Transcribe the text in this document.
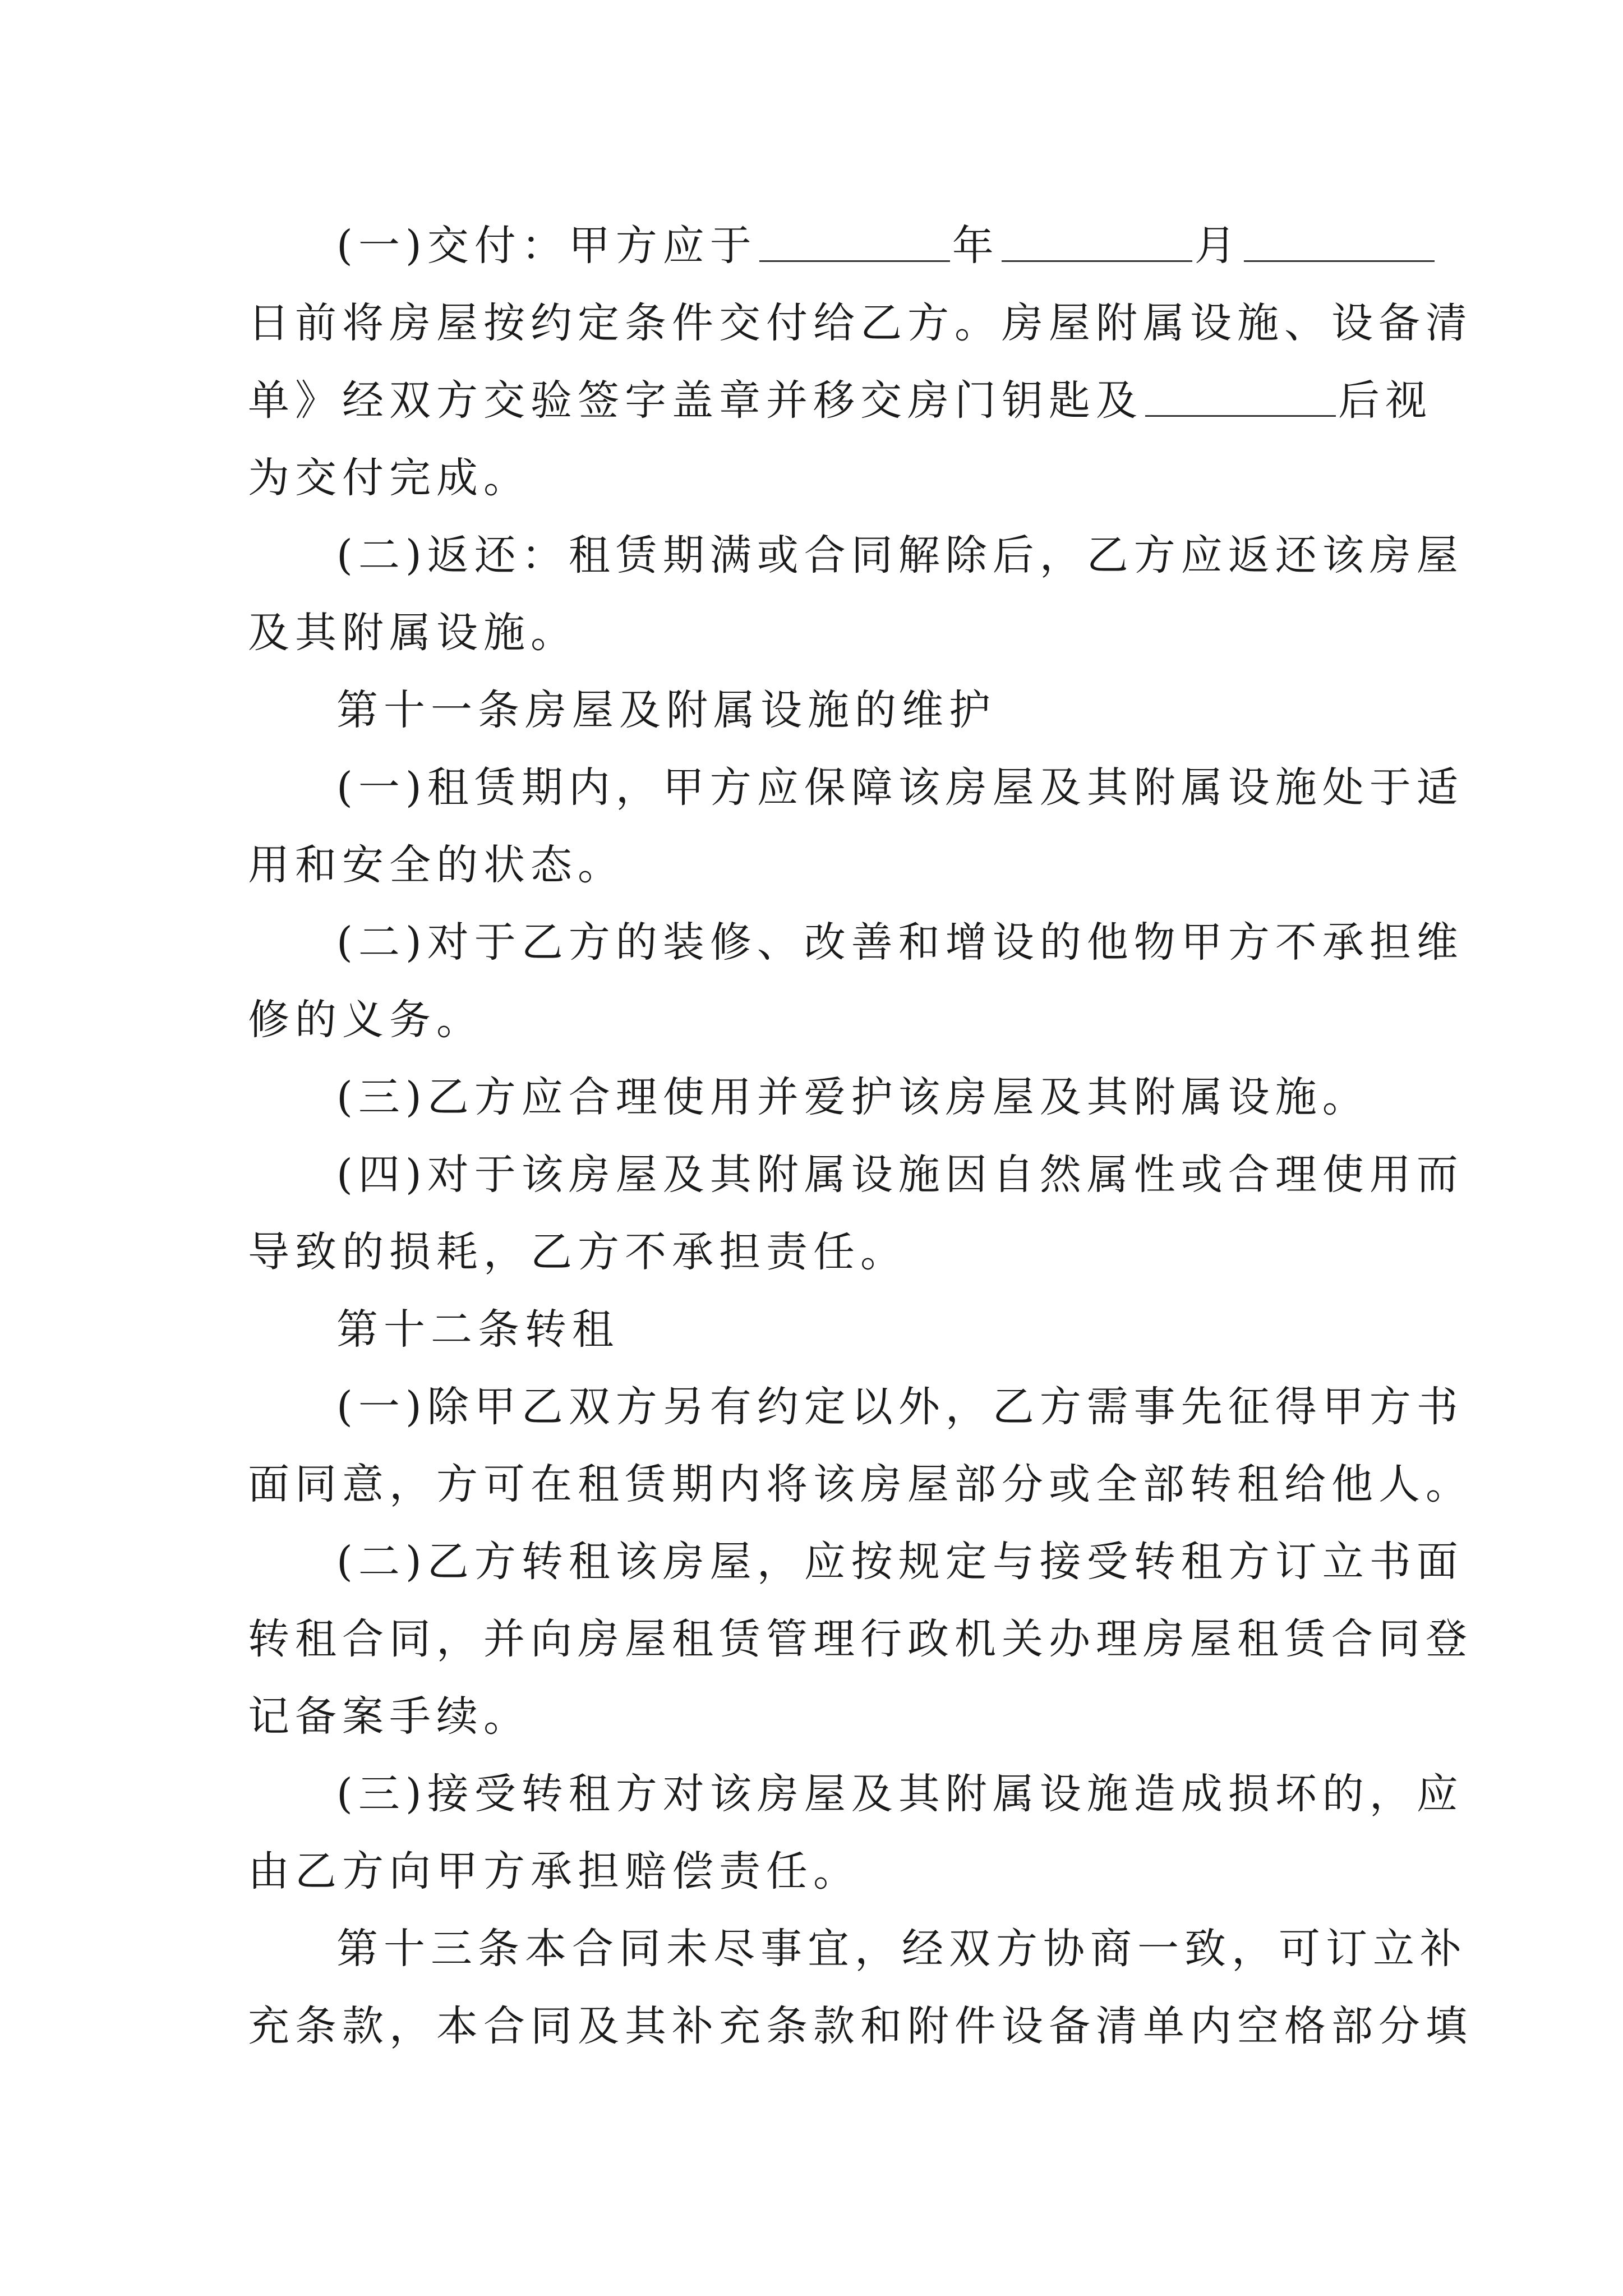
(一)交付：甲方应于	年	月
日前将房屋按约定条件交付给乙方。房屋附属设施、设备清
单》经双方交验签字盖章并移交房门钥匙及	后视
为交付完成。
(二)返还：租赁期满或合同解除后，乙方应返还该房屋
及其附属设施。
第十一条房屋及附属设施的维护
(一)租赁期内，甲方应保障该房屋及其附属设施处于适
用和安全的状态。
(二)对于乙方的装修、改善和增设的他物甲方不承担维
修的义务。
(三)乙方应合理使用并爱护该房屋及其附属设施。
(四)对于该房屋及其附属设施因自然属性或合理使用而
导致的损耗，乙方不承担责任。
第十二条转租
(一)除甲乙双方另有约定以外，乙方需事先征得甲方书
面同意，方可在租赁期内将该房屋部分或全部转租给他人。
(二)乙方转租该房屋，应按规定与接受转租方订立书面
转租合同，并向房屋租赁管理行政机关办理房屋租赁合同登
记备案手续。
(三)接受转租方对该房屋及其附属设施造成损坏的，应
由乙方向甲方承担赔偿责任。
第十三条本合同未尽事宜，经双方协商一致，可订立补
充条款，本合同及其补充条款和附件设备清单内空格部分填
